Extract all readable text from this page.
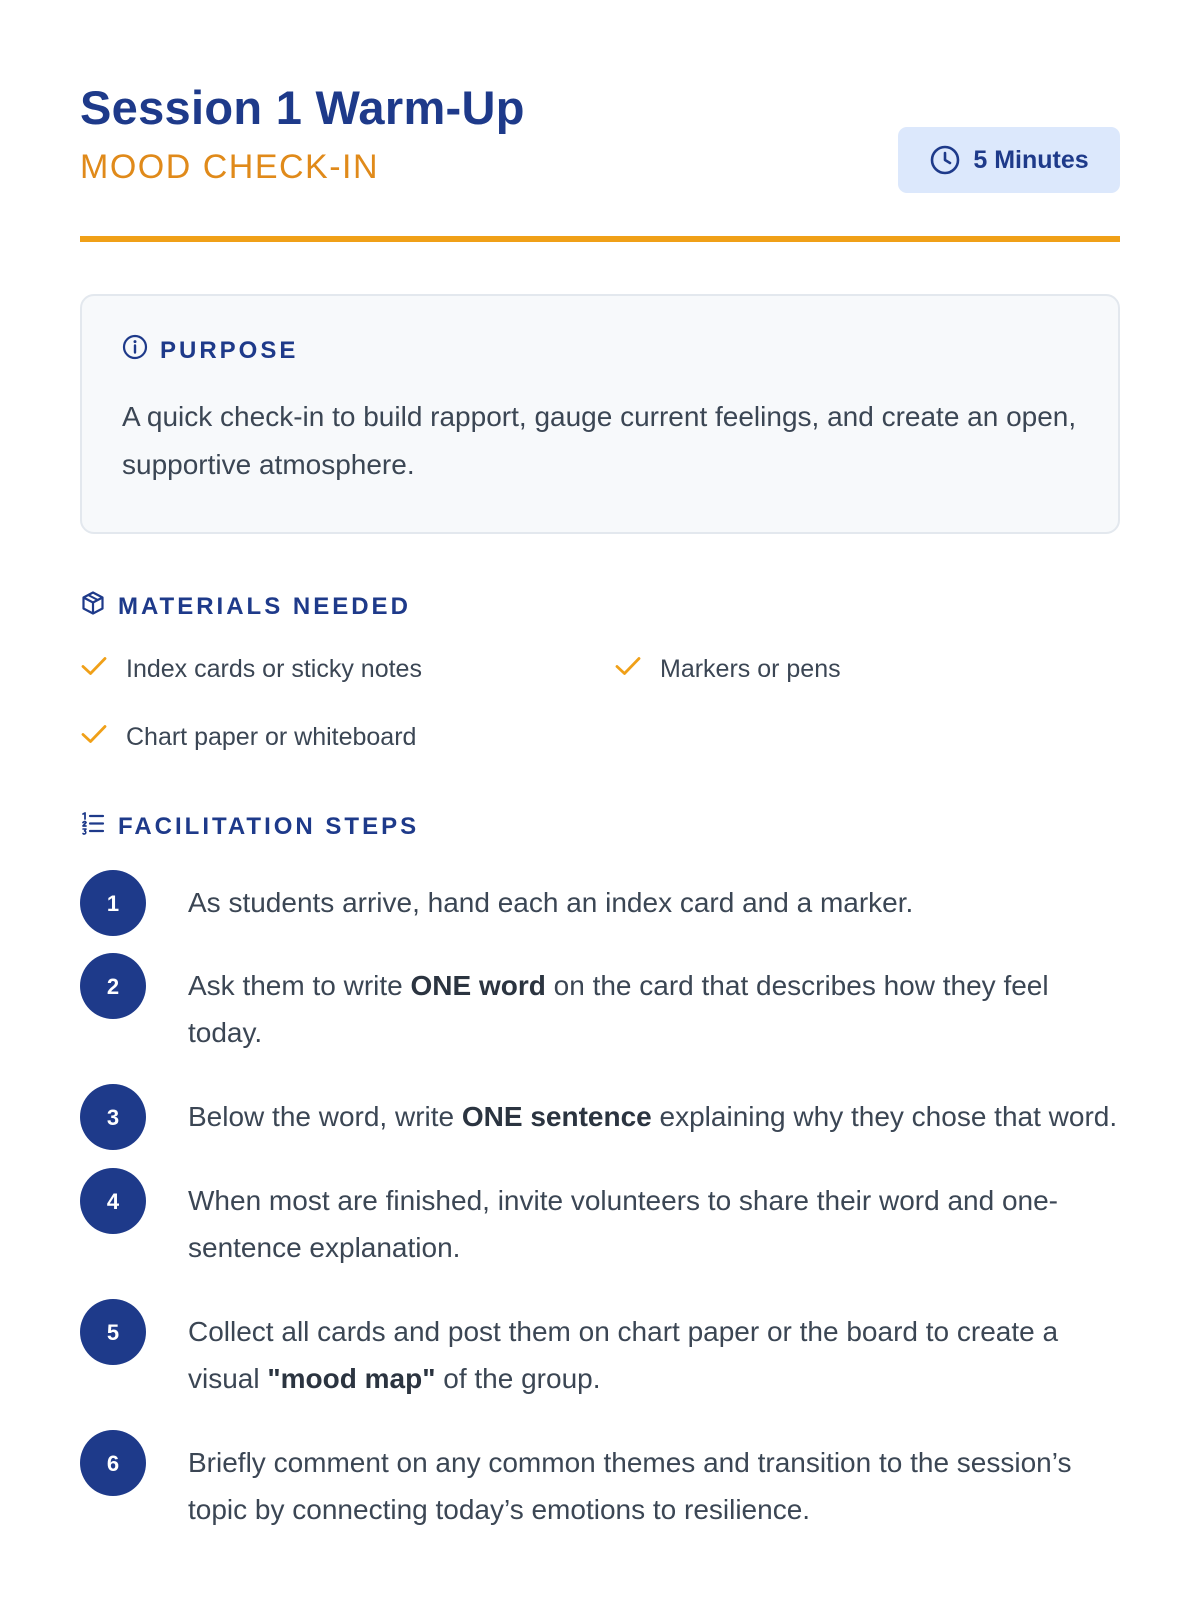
Session 1 Warm-Up
MOOD CHECK-IN	5 Minutes
PURPOSE

A quick check-in to build rapport, gauge current feelings, and create an open, supportive atmosphere.

MATERIALS NEEDED
Index cards or sticky notes	Markers or pens
Chart paper or whiteboard
FACILITATION STEPS
1	As students arrive, hand each an index card and a marker.
2	Ask them to write ONE word on the card that describes how they feel today.
3	Below the word, write ONE sentence explaining why they chose that word.
4	When most are finished, invite volunteers to share their word and one-sentence explanation.
5	Collect all cards and post them on chart paper or the board to create a visual "mood map" of the group.
6	Briefly comment on any common themes and transition to the session’s topic by connecting today’s emotions to resilience.
